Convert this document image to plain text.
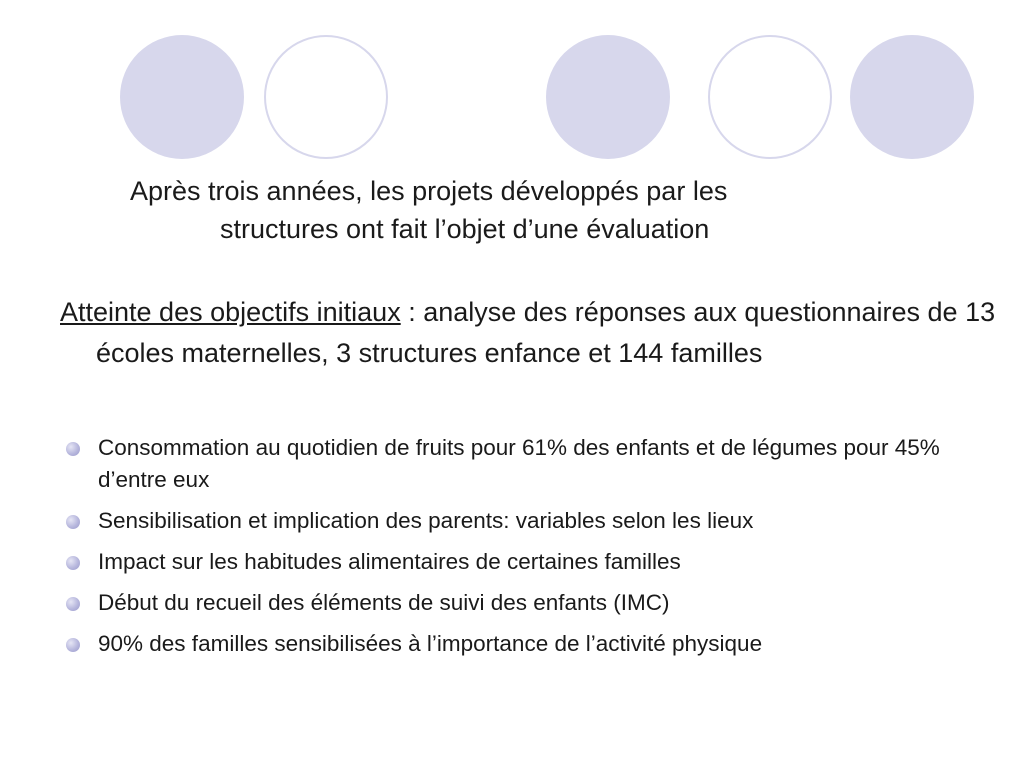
Après trois années, les projets développés par les
structures ont fait l’objet d’une évaluation

Atteinte des objectifs initiaux : analyse des réponses aux questionnaires de 13 écoles maternelles, 3 structures enfance et 144 familles

Consommation au quotidien de fruits pour 61% des enfants et de légumes pour 45% d’entre eux
Sensibilisation et implication des parents: variables selon les lieux
Impact sur les habitudes alimentaires de certaines familles
Début du recueil des éléments de suivi des enfants (IMC)
90% des familles sensibilisées à l’importance de l’activité physique
